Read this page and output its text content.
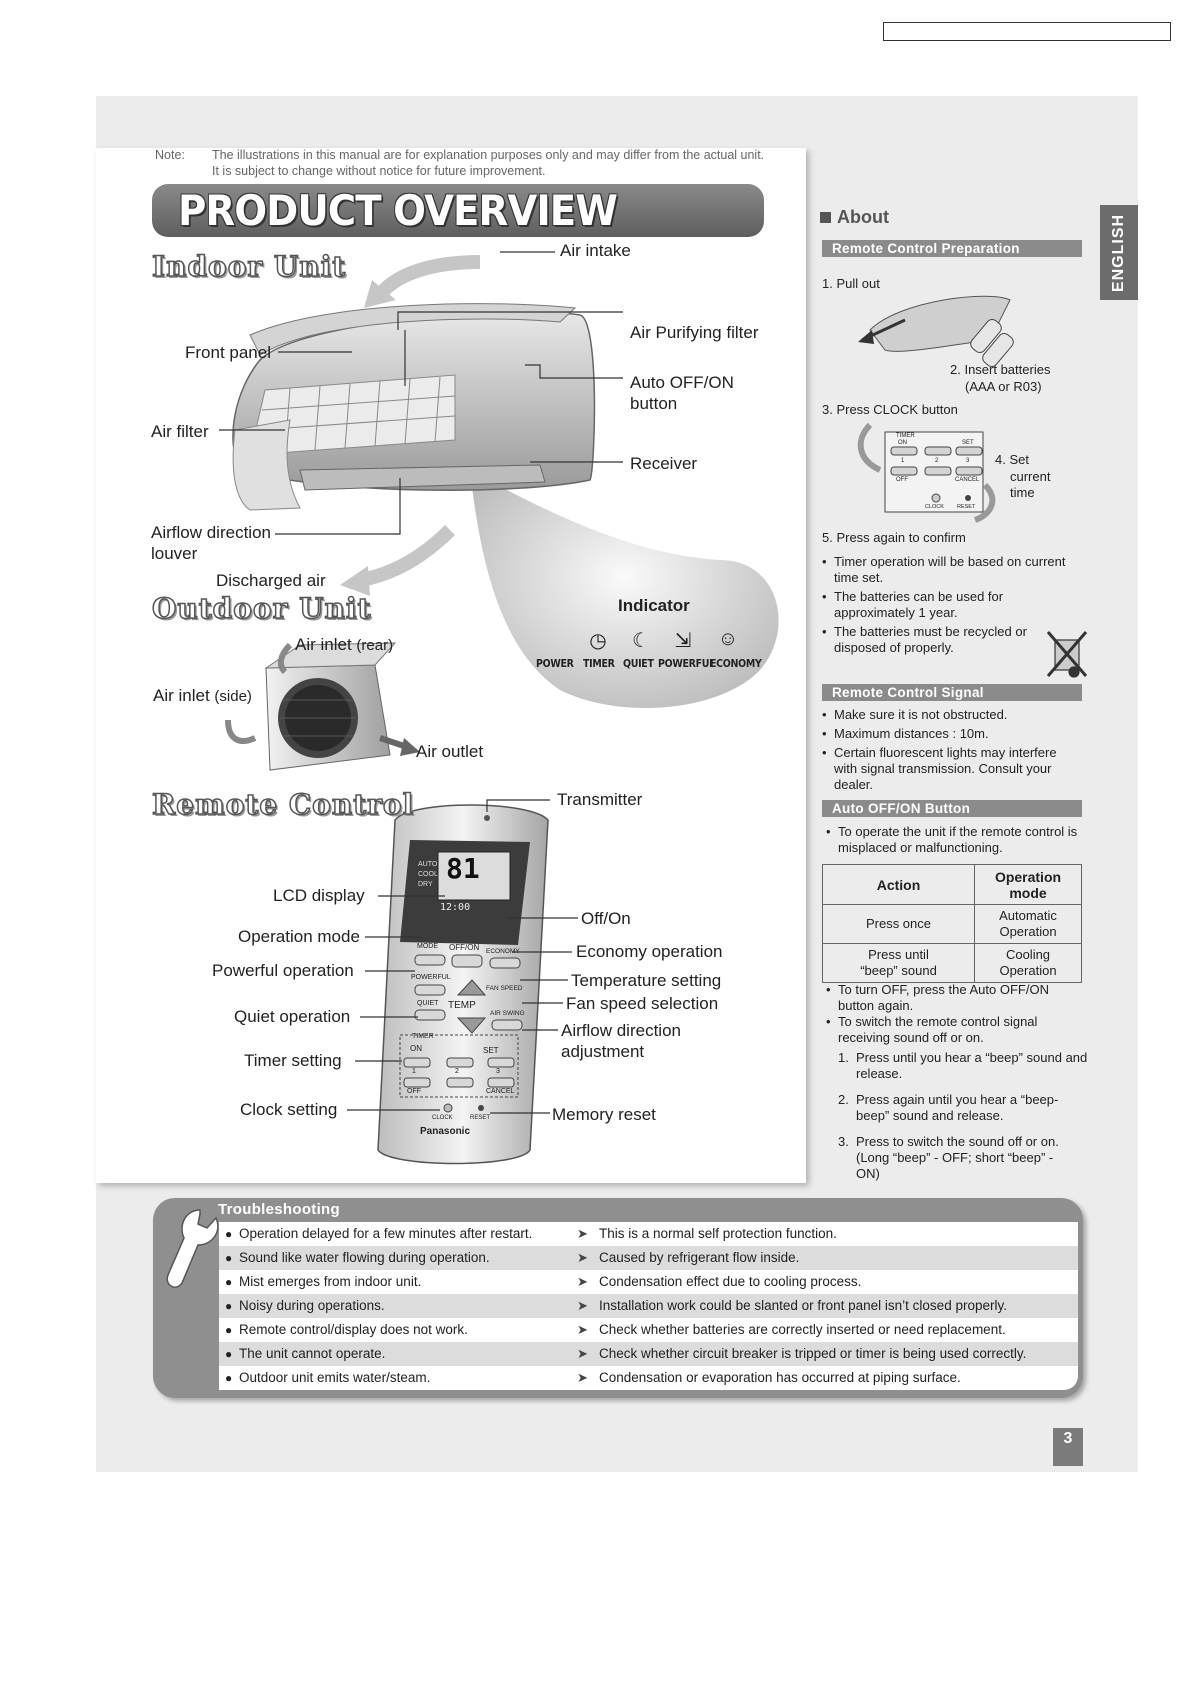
Note: The illustrations in this manual are for explanation purposes only and may differ from the actual unit. It is subject to change without notice for future improvement.
PRODUCT OVERVIEW
Indoor Unit
Outdoor Unit
Remote Control
Air intake
Front panel
Air Purifying filter
Auto OFF/ON
button
Air filter
Receiver
Airflow direction
louver
Discharged air
Indicator
◷ ☾ ⇲ ☺
POWER TIMER QUIET POWERFUL
ECONOMY
Air inlet (rear)
Air inlet (side)
Air outlet
AUTO
COOL
DRY 81
12:00
MODE
POWERFUL
QUIET
OFF/ON ECONOMY
FAN SPEED
AIR SWING
TEMP
TIMER
ON	SET
1	2	3
OFF	CANCEL
CLOCK	RESET
Panasonic
Transmitter
LCD display
Off/On
Operation mode
Economy operation
Powerful operation
Temperature setting
Fan speed selection
Quiet operation
Airflow direction
adjustment
Timer setting
Clock setting	Memory reset
About
Remote Control Preparation
1. Pull out
2. Insert batteries
(AAA or R03)
3. Press CLOCK button
4. Set
current
time
5. Press again to confirm
TIMER
ON	SET
1	2	3
OFF	CANCEL
CLOCK RESET
• Timer operation will be based on current time set.
• The batteries can be used for approximately 1 year.
• The batteries must be recycled or disposed of properly.
Remote Control Signal
• Make sure it is not obstructed.
• Maximum distances : 10m.
• Certain fluorescent lights may interfere with signal transmission. Consult your dealer.
Auto OFF/ON Button
• To operate the unit if the remote control is misplaced or malfunctioning.
Action	Operation mode
Press once	Automatic Operation
Press until “beep” sound	Cooling Operation
• To turn OFF, press the Auto OFF/ON button again.
• To switch the remote control signal receiving sound off or on.
1. Press until you hear a “beep” sound and release.
2. Press again until you hear a “beep-beep” sound and release.
3. Press to switch the sound off or on. (Long “beep” - OFF; short “beep” - ON)
ENGLISH
Troubleshooting
● Operation delayed for a few minutes after restart.	➤ This is a normal self protection function.
● Sound like water flowing during operation.	➤ Caused by refrigerant flow inside.
● Mist emerges from indoor unit.	➤ Condensation effect due to cooling process.
● Noisy during operations.	➤ Installation work could be slanted or front panel isn’t closed properly.
● Remote control/display does not work.	➤ Check whether batteries are correctly inserted or need replacement.
● The unit cannot operate.	➤ Check whether circuit breaker is tripped or timer is being used correctly.
● Outdoor unit emits water/steam.	➤ Condensation or evaporation has occurred at piping surface.
3
